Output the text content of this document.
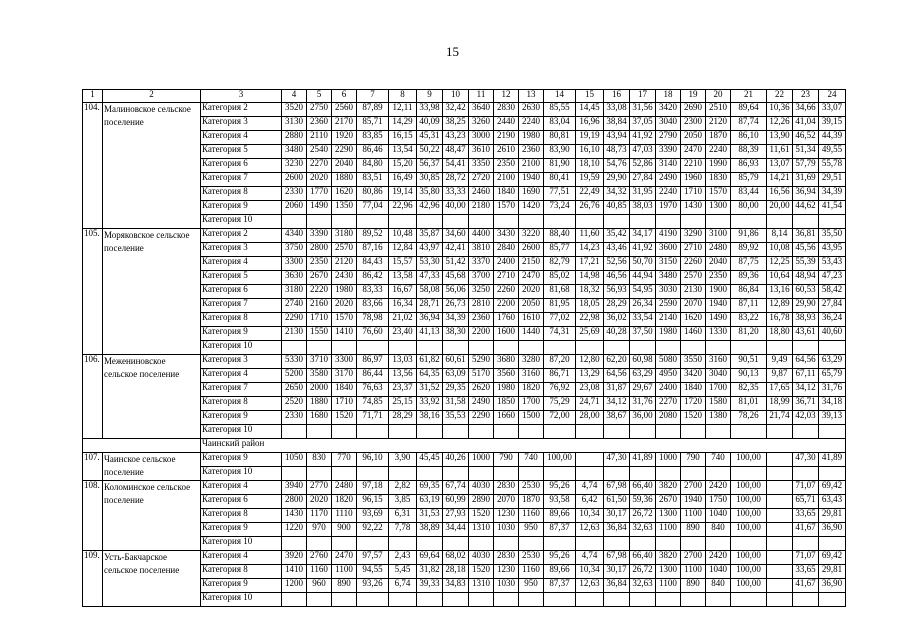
15
1	2	3	4	5	6	7	8	9	10	11	12	13	14	15	16	17	18	19	20	21	22	23	24
104.	Малиновское сельское поселение	Категория 2	3520	2750	2560	87,89	12,11	33,98	32,42	3640	2830	2630	85,55	14,45	33,08	31,56	3420	2690	2510	89,64	10,36	34,66	33,07
		Категория 3	3130	2360	2170	85,71	14,29	40,09	38,25	3260	2440	2240	83,04	16,96	38,84	37,05	3040	2300	2120	87,74	12,26	41,04	39,15
		Категория 4	2880	2110	1920	83,85	16,15	45,31	43,23	3000	2190	1980	80,81	19,19	43,94	41,92	2790	2050	1870	86,10	13,90	46,52	44,39
		Категория 5	3480	2540	2290	86,46	13,54	50,22	48,47	3610	2610	2360	83,90	16,10	48,73	47,03	3390	2470	2240	88,39	11,61	51,34	49,55
		Категория 6	3230	2270	2040	84,80	15,20	56,37	54,41	3350	2350	2100	81,90	18,10	54,76	52,86	3140	2210	1990	86,93	13,07	57,79	55,78
		Категория 7	2600	2020	1880	83,51	16,49	30,85	28,72	2720	2100	1940	80,41	19,59	29,90	27,84	2490	1960	1830	85,79	14,21	31,69	29,51
		Категория 8	2330	1770	1620	80,86	19,14	35,80	33,33	2460	1840	1690	77,51	22,49	34,32	31,95	2240	1710	1570	83,44	16,56	36,94	34,39
		Категория 9	2060	1490	1350	77,04	22,96	42,96	40,00	2180	1570	1420	73,24	26,76	40,85	38,03	1970	1430	1300	80,00	20,00	44,62	41,54
		Категория 10																					
105.	Моряковское сельское поселение	Категория 2	4340	3390	3180	89,52	10,48	35,87	34,60	4400	3430	3220	88,40	11,60	35,42	34,17	4190	3290	3100	91,86	8,14	36,81	35,50
		Категория 3	3750	2800	2570	87,16	12,84	43,97	42,41	3810	2840	2600	85,77	14,23	43,46	41,92	3600	2710	2480	89,92	10,08	45,56	43,95
		Категория 4	3300	2350	2120	84,43	15,57	53,30	51,42	3370	2400	2150	82,79	17,21	52,56	50,70	3150	2260	2040	87,75	12,25	55,39	53,43
		Категория 5	3630	2670	2430	86,42	13,58	47,33	45,68	3700	2710	2470	85,02	14,98	46,56	44,94	3480	2570	2350	89,36	10,64	48,94	47,23
		Категория 6	3180	2220	1980	83,33	16,67	58,08	56,06	3250	2260	2020	81,68	18,32	56,93	54,95	3030	2130	1900	86,84	13,16	60,53	58,42
		Категория 7	2740	2160	2020	83,66	16,34	28,71	26,73	2810	2200	2050	81,95	18,05	28,29	26,34	2590	2070	1940	87,11	12,89	29,90	27,84
		Категория 8	2290	1710	1570	78,98	21,02	36,94	34,39	2360	1760	1610	77,02	22,98	36,02	33,54	2140	1620	1490	83,22	16,78	38,93	36,24
		Категория 9	2130	1550	1410	76,60	23,40	41,13	38,30	2200	1600	1440	74,31	25,69	40,28	37,50	1980	1460	1330	81,20	18,80	43,61	40,60
		Категория 10																					
106.	Межениновское сельское поселение	Категория 3	5330	3710	3300	86,97	13,03	61,82	60,61	5290	3680	3280	87,20	12,80	62,20	60,98	5080	3550	3160	90,51	9,49	64,56	63,29
		Категория 4	5200	3580	3170	86,44	13,56	64,35	63,09	5170	3560	3160	86,71	13,29	64,56	63,29	4950	3420	3040	90,13	9,87	67,11	65,79
		Категория 7	2650	2000	1840	76,63	23,37	31,52	29,35	2620	1980	1820	76,92	23,08	31,87	29,67	2400	1840	1700	82,35	17,65	34,12	31,76
		Категория 8	2520	1880	1710	74,85	25,15	33,92	31,58	2490	1850	1700	75,29	24,71	34,12	31,76	2270	1720	1580	81,01	18,99	36,71	34,18
		Категория 9	2330	1680	1520	71,71	28,29	38,16	35,53	2290	1660	1500	72,00	28,00	38,67	36,00	2080	1520	1380	78,26	21,74	42,03	39,13
		Категория 10																					
		Чаинский район																					
107.	Чаинское сельское поселение	Категория 9	1050	830	770	96,10	3,90	45,45	40,26	1000	790	740	100,00		47,30	41,89	1000	790	740	100,00		47,30	41,89
		Категория 10																					
108.	Коломинское сельское поселение	Категория 4	3940	2770	2480	97,18	2,82	69,35	67,74	4030	2830	2530	95,26	4,74	67,98	66,40	3820	2700	2420	100,00		71,07	69,42
		Категория 6	2800	2020	1820	96,15	3,85	63,19	60,99	2890	2070	1870	93,58	6,42	61,50	59,36	2670	1940	1750	100,00		65,71	63,43
		Категория 8	1430	1170	1110	93,69	6,31	31,53	27,93	1520	1230	1160	89,66	10,34	30,17	26,72	1300	1100	1040	100,00		33,65	29,81
		Категория 9	1220	970	900	92,22	7,78	38,89	34,44	1310	1030	950	87,37	12,63	36,84	32,63	1100	890	840	100,00		41,67	36,90
		Категория 10																					
109.	Усть-Бакчарское сельское поселение	Категория 4	3920	2760	2470	97,57	2,43	69,64	68,02	4030	2830	2530	95,26	4,74	67,98	66,40	3820	2700	2420	100,00		71,07	69,42
		Категория 8	1410	1160	1100	94,55	5,45	31,82	28,18	1520	1230	1160	89,66	10,34	30,17	26,72	1300	1100	1040	100,00		33,65	29,81
		Категория 9	1200	960	890	93,26	6,74	39,33	34,83	1310	1030	950	87,37	12,63	36,84	32,63	1100	890	840	100,00		41,67	36,90
		Категория 10																					
